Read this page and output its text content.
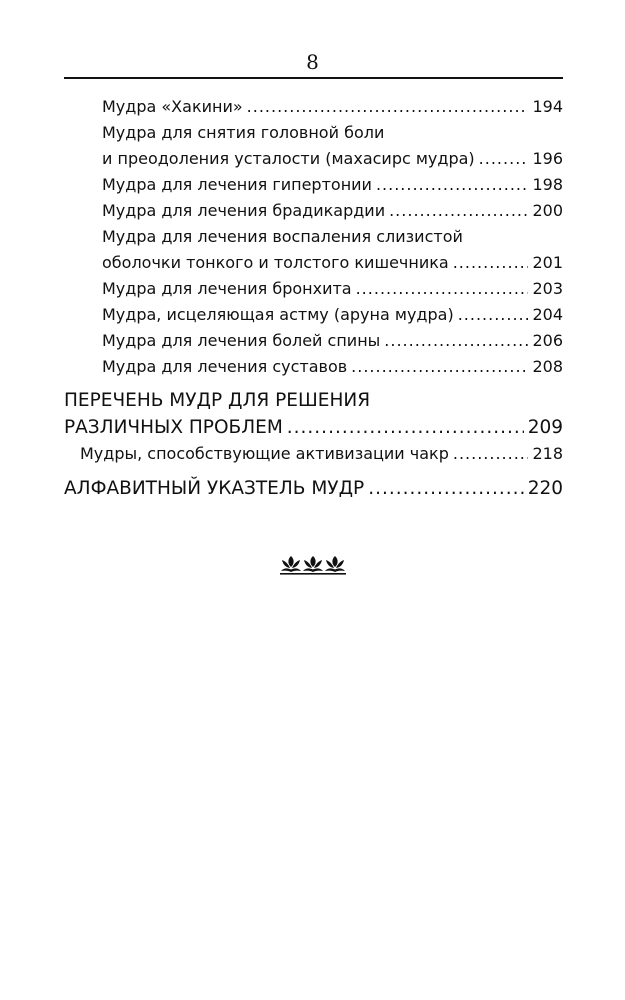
8
Мудра «Хакини» .....	194
Мудра для снятия головной боли
и преодоления усталости (махасирс мудра) .....	196
Мудра для лечения гипертонии .....	198
Мудра для лечения брадикардии .....	200
Мудра для лечения воспаления слизистой
оболочки тонкого и толстого кишечника .....	201
Мудра для лечения бронхита .....	203
Мудра, исцеляющая астму (аруна мудра) .....	204
Мудра для лечения болей спины .....	206
Мудра для лечения суставов .....	208
ПЕРЕЧЕНЬ МУДР ДЛЯ РЕШЕНИЯ
РАЗЛИЧНЫХ ПРОБЛЕМ .....	209
Мудры, способствующие активизации чакр .....	218
АЛФАВИТНЫЙ УКАЗТЕЛЬ МУДР .....	220
